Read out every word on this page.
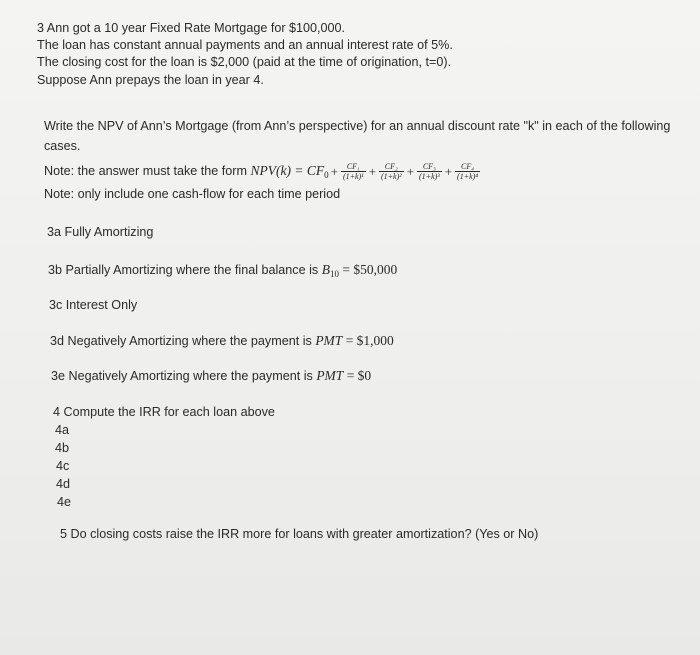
3 Ann got a 10 year Fixed Rate Mortgage for $100,000.
The loan has constant annual payments and an annual interest rate of 5%.
The closing cost for the loan is $2,000 (paid at the time of origination, t=0).
Suppose Ann prepays the loan in year 4.
Write the NPV of Ann’s Mortgage (from Ann’s perspective) for an annual discount rate "k" in each of the following
cases.
Note: the answer must take the form $NPV(k) = CF_0 + \frac{\text{CF₁}}{\text{(1+k)¹}} + \frac{\text{CF₂}}{\text{(1+k)²}} + \frac{\text{CF₃}}{\text{(1+k)³}} + \frac{\text{CF₄}}{\text{(1+k)⁴}}$
Note: only include one cash-flow for each time period
3a Fully Amortizing
3b Partially Amortizing where the final balance is $B_{10}$ = $50,000
3c Interest Only
3d Negatively Amortizing where the payment is PMT = $1,000
3e Negatively Amortizing where the payment is PMT = $0
4 Compute the IRR for each loan above
4a
4b
4c
4d
4e
5 Do closing costs raise the IRR more for loans with greater amortization? (Yes or No)
